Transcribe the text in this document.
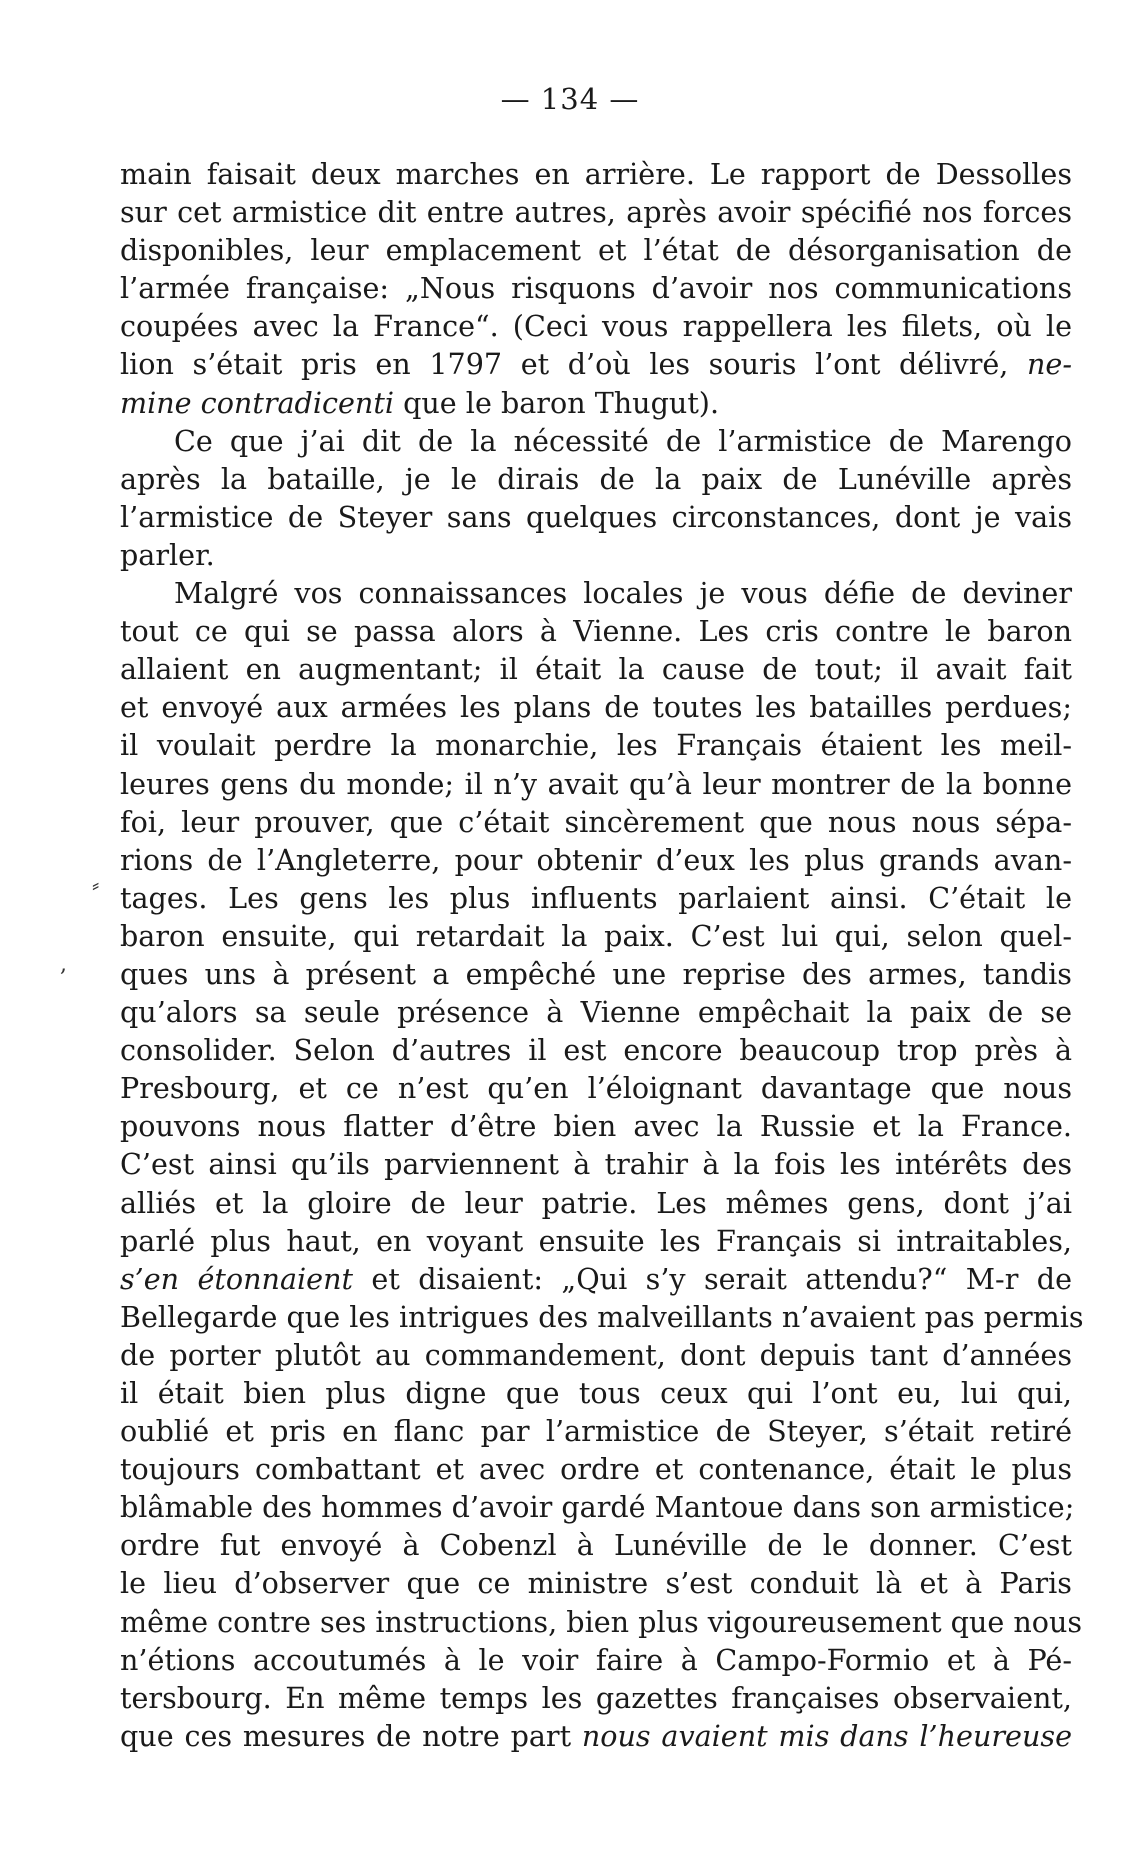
— 134 —
main faisait deux marches en arrière. Le rapport de Dessolles
sur cet armistice dit entre autres, après avoir spécifié nos forces
disponibles, leur emplacement et l’état de désorganisation de
l’armée française: „Nous risquons d’avoir nos communications
coupées avec la France“. (Ceci vous rappellera les filets, où le
lion s’était pris en 1797 et d’où les souris l’ont délivré, ne-
mine contradicenti que le baron Thugut).
Ce que j’ai dit de la nécessité de l’armistice de Marengo
après la bataille, je le dirais de la paix de Lunéville après
l’armistice de Steyer sans quelques circonstances, dont je vais
parler.
Malgré vos connaissances locales je vous défie de deviner
tout ce qui se passa alors à Vienne. Les cris contre le baron
allaient en augmentant; il était la cause de tout; il avait fait
et envoyé aux armées les plans de toutes les batailles perdues;
il voulait perdre la monarchie, les Français étaient les meil-
leures gens du monde; il n’y avait qu’à leur montrer de la bonne
foi, leur prouver, que c’était sincèrement que nous nous sépa-
rions de l’Angleterre, pour obtenir d’eux les plus grands avan-
tages. Les gens les plus influents parlaient ainsi. C’était le
baron ensuite, qui retardait la paix. C’est lui qui, selon quel-
ques uns à présent a empêché une reprise des armes, tandis
qu’alors sa seule présence à Vienne empêchait la paix de se
consolider. Selon d’autres il est encore beaucoup trop près à
Presbourg, et ce n’est qu’en l’éloignant davantage que nous
pouvons nous flatter d’être bien avec la Russie et la France.
C’est ainsi qu’ils parviennent à trahir à la fois les intérêts des
alliés et la gloire de leur patrie. Les mêmes gens, dont j’ai
parlé plus haut, en voyant ensuite les Français si intraitables,
s’en étonnaient et disaient: „Qui s’y serait attendu?“ M-r de
Bellegarde que les intrigues des malveillants n’avaient pas permis
de porter plutôt au commandement, dont depuis tant d’années
il était bien plus digne que tous ceux qui l’ont eu, lui qui,
oublié et pris en flanc par l’armistice de Steyer, s’était retiré
toujours combattant et avec ordre et contenance, était le plus
blâmable des hommes d’avoir gardé Mantoue dans son armistice;
ordre fut envoyé à Cobenzl à Lunéville de le donner. C’est
le lieu d’observer que ce ministre s’est conduit là et à Paris
même contre ses instructions, bien plus vigoureusement que nous
n’étions accoutumés à le voir faire à Campo-Formio et à Pé-
tersbourg. En même temps les gazettes françaises observaient,
que ces mesures de notre part nous avaient mis dans l’heureuse
⸗
,
